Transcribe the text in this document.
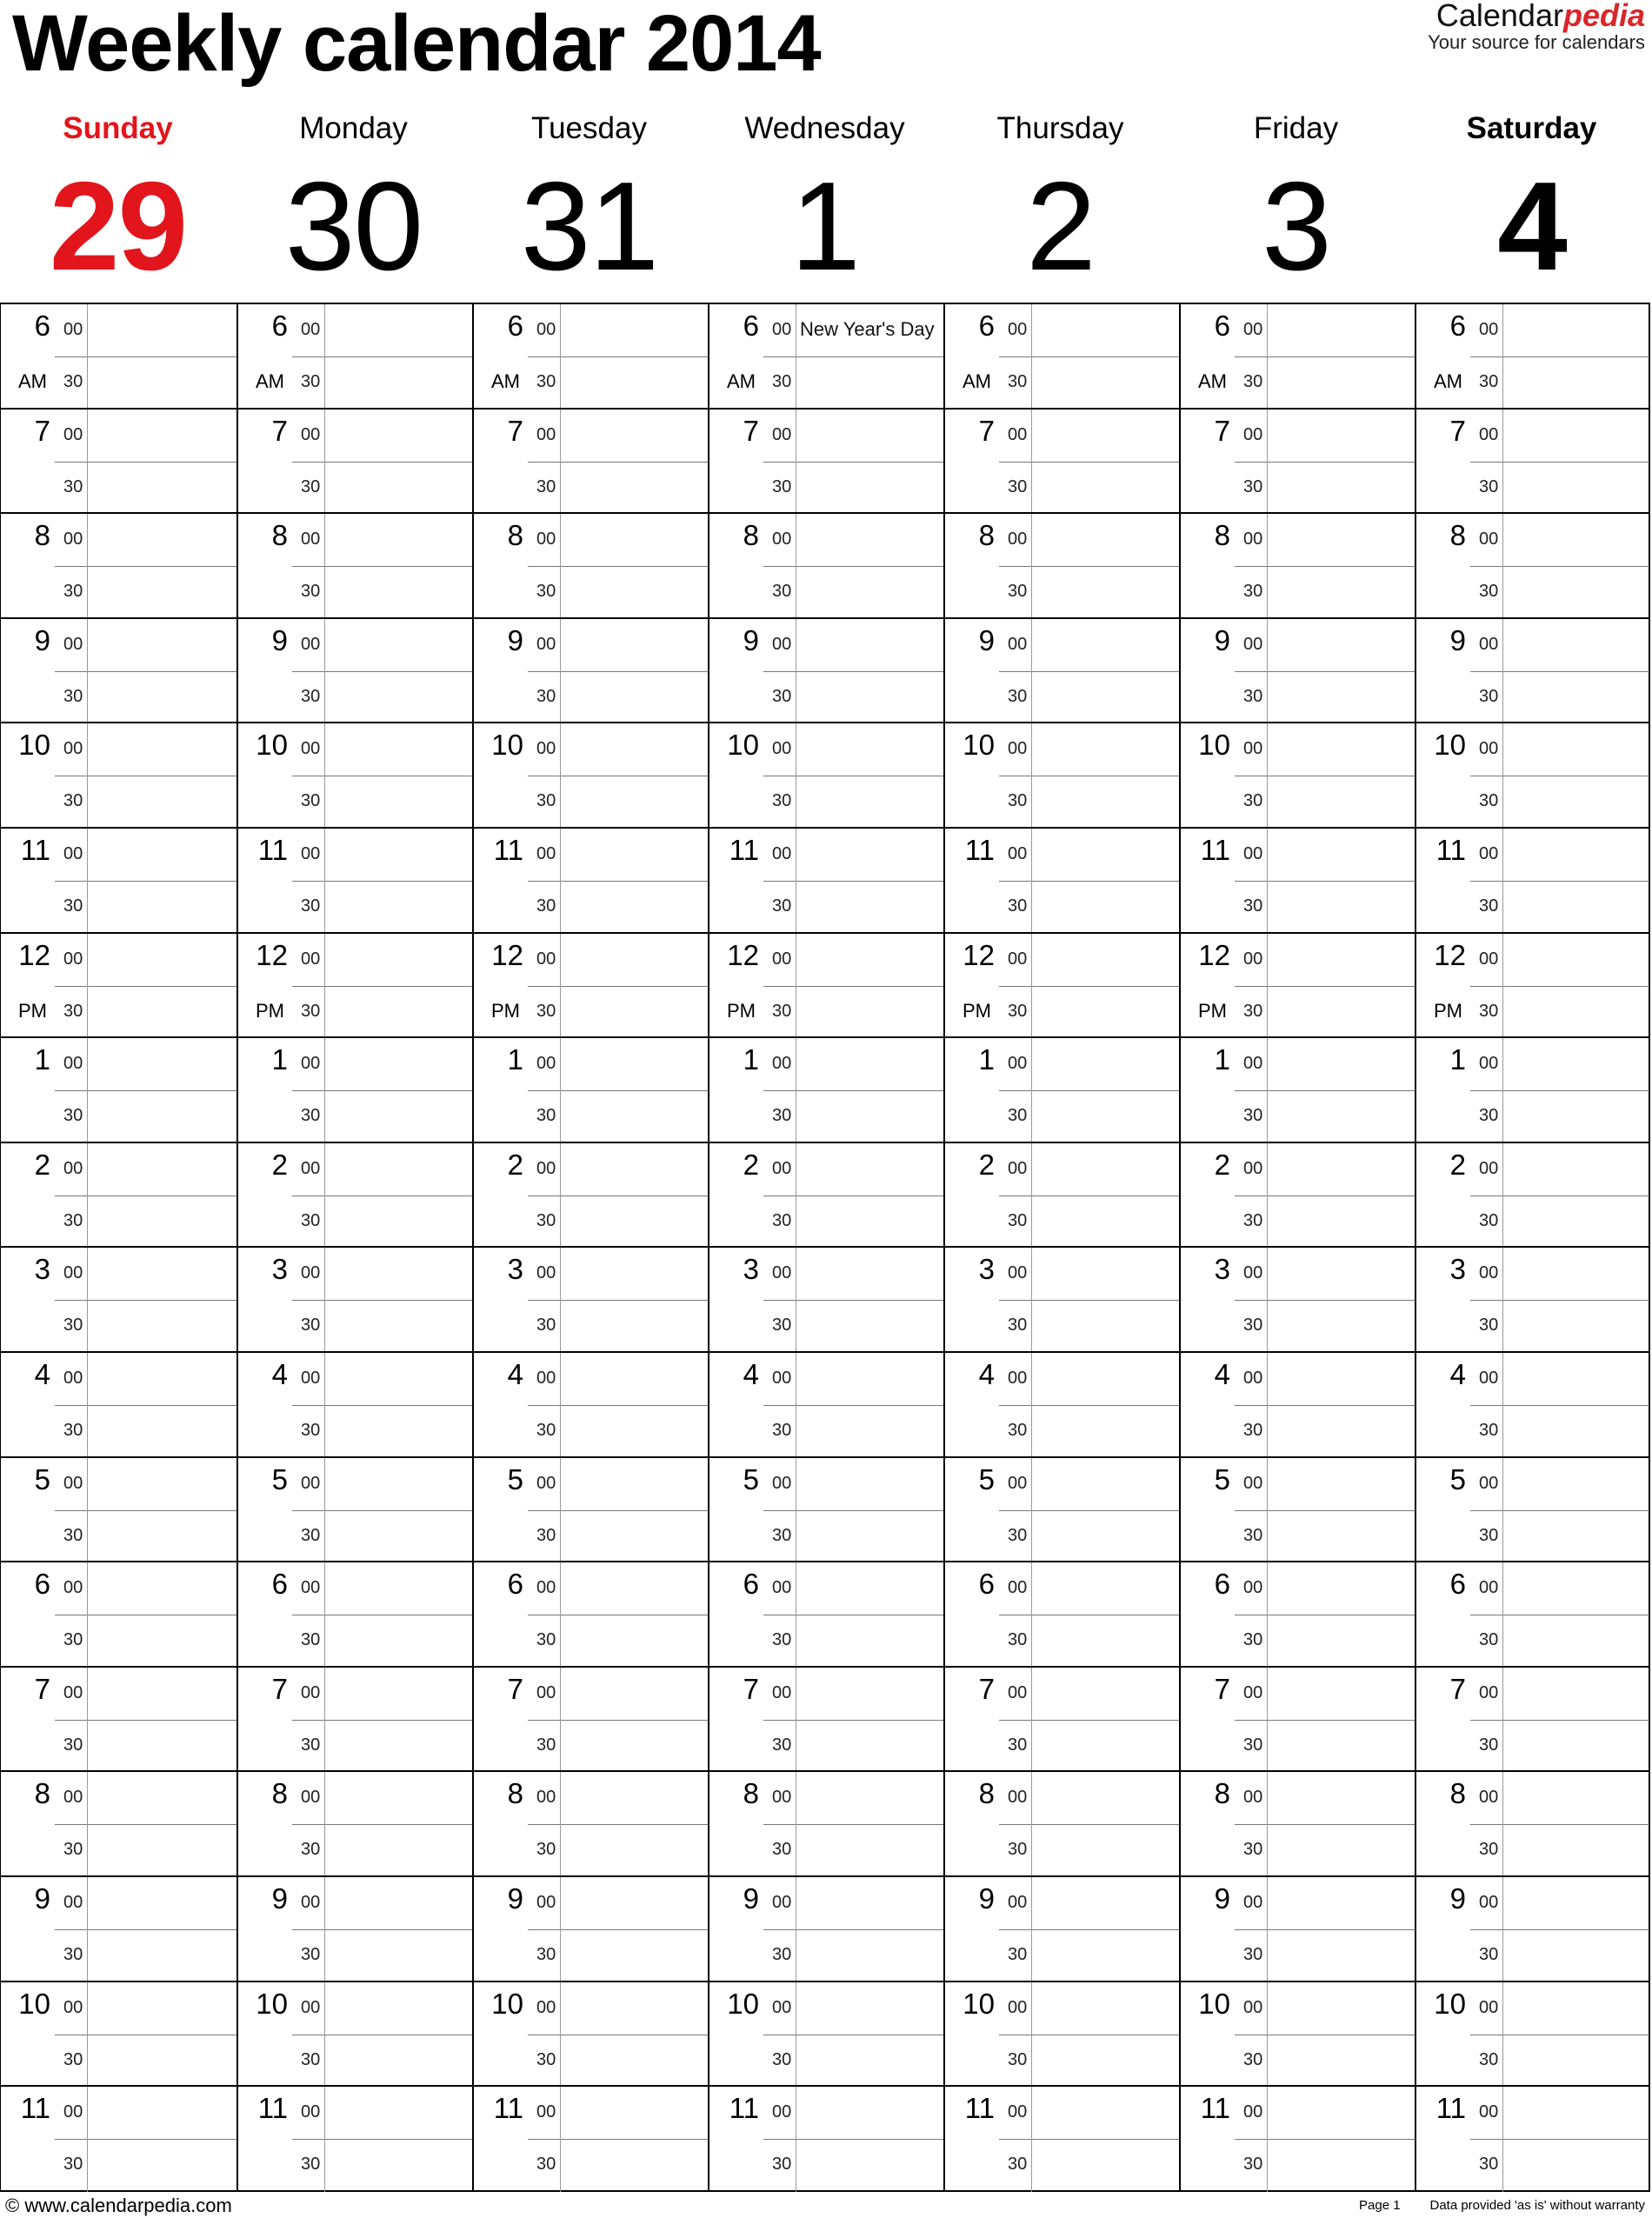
Weekly calendar 2014	Calendarpedia
Your source for calendars
Sunday
29
Monday
30
Tuesday
31
Wednesday
1
Thursday
2
Friday
3
Saturday
4
6 00
30
AM
7 00
30
8 00
30
9 00
30
10 00
30
11 00
30
12 00
30
PM
1 00
30
2 00
30
3 00
30
4 00
30
5 00
30
6 00
30
7 00
30
8 00
30
9 00
30
10 00
30
11 00
30
6 00
30
AM
7 00
30
8 00
30
9 00
30
10 00
30
11 00
30
12 00
30
PM
1 00
30
2 00
30
3 00
30
4 00
30
5 00
30
6 00
30
7 00
30
8 00
30
9 00
30
10 00
30
11 00
30
6 00
30
AM
7 00
30
8 00
30
9 00
30
10 00
30
11 00
30
12 00
30
PM
1 00
30
2 00
30
3 00
30
4 00
30
5 00
30
6 00
30
7 00
30
8 00
30
9 00
30
10 00
30
11 00
30
6 00
30
AM
New Year's Day
7 00
30
8 00
30
9 00
30
10 00
30
11 00
30
12 00
30
PM
1 00
30
2 00
30
3 00
30
4 00
30
5 00
30
6 00
30
7 00
30
8 00
30
9 00
30
10 00
30
11 00
30
6 00
30
AM
7 00
30
8 00
30
9 00
30
10 00
30
11 00
30
12 00
30
PM
1 00
30
2 00
30
3 00
30
4 00
30
5 00
30
6 00
30
7 00
30
8 00
30
9 00
30
10 00
30
11 00
30
6 00
30
AM
7 00
30
8 00
30
9 00
30
10 00
30
11 00
30
12 00
30
PM
1 00
30
2 00
30
3 00
30
4 00
30
5 00
30
6 00
30
7 00
30
8 00
30
9 00
30
10 00
30
11 00
30
6 00
30
AM
7 00
30
8 00
30
9 00
30
10 00
30
11 00
30
12 00
30
PM
1 00
30
2 00
30
3 00
30
4 00
30
5 00
30
6 00
30
7 00
30
8 00
30
9 00
30
10 00
30
11 00
30
© www.calendarpedia.com	Page 1 Data provided 'as is' without warranty
